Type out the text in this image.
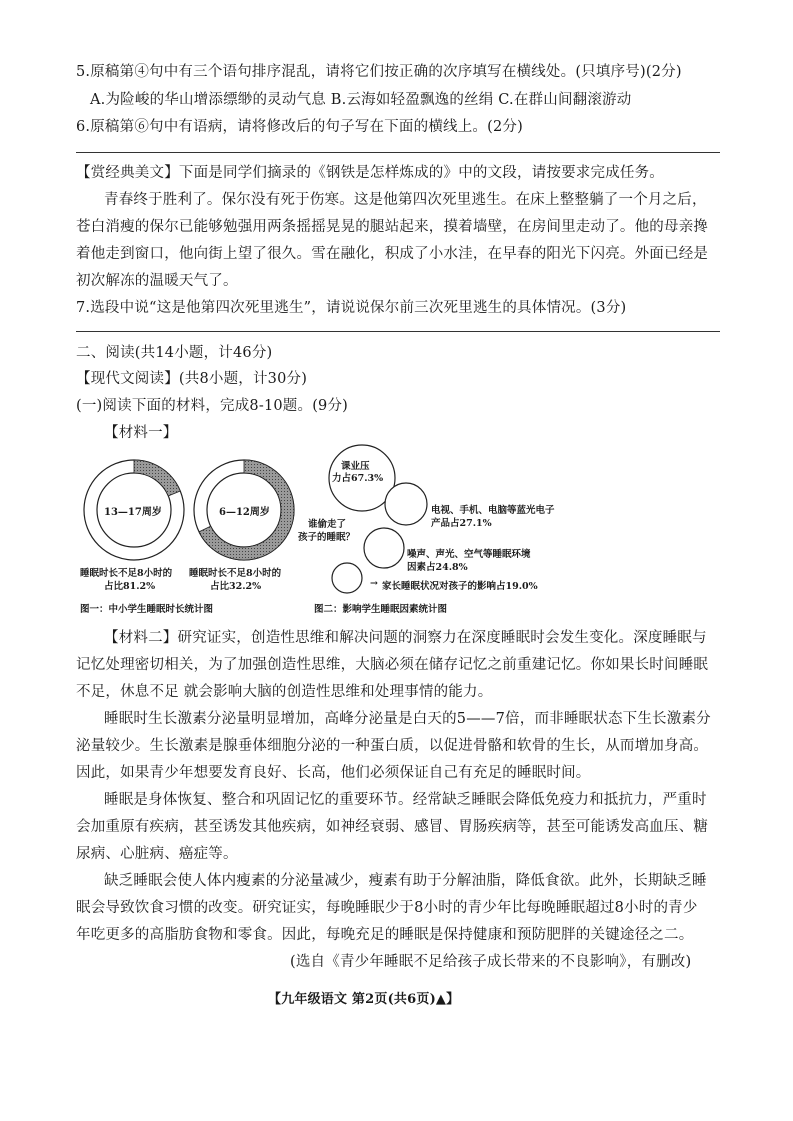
5.原稿第④句中有三个语句排序混乱，请将它们按正确的次序填写在横线处。(只填序号)(2分)
A.为险峻的华山增添缥缈的灵动气息 B.云海如轻盈飘逸的丝绢 C.在群山间翻滚游动
6.原稿第⑥句中有语病，请将修改后的句子写在下面的横线上。(2分)
【赏经典美文】下面是同学们摘录的《钢铁是怎样炼成的》中的文段，请按要求完成任务。
青春终于胜利了。保尔没有死于伤寒。这是他第四次死里逃生。在床上整整躺了一个月之后，
苍白消瘦的保尔已能够勉强用两条摇摇晃晃的腿站起来，摸着墙壁，在房间里走动了。他的母亲搀
着他走到窗口，他向街上望了很久。雪在融化，积成了小水洼，在早春的阳光下闪亮。外面已经是
初次解冻的温暖天气了。
7.选段中说“这是他第四次死里逃生”，请说说保尔前三次死里逃生的具体情况。(3分)
二、阅读(共14小题，计46分)
【现代文阅读】(共8小题，计30分)
(一)阅读下面的材料，完成8-10题。(9分)
【材料一】
13—17周岁	6—12周岁
睡眠时长不足8小时的
占比81.2%
睡眠时长不足8小时的
占比32.2%
图一：中小学生睡眠时长统计图
课业压
力占67.3%
谁偷走了
孩子的睡眠？
电视、手机、电脑等蓝光电子
产品占27.1%
噪声、声光、空气等睡眠环境
因素占24.8%
→ 家长睡眠状况对孩子的影响占19.0%
图二：影响学生睡眠因素统计图
【材料二】研究证实，创造性思维和解决问题的洞察力在深度睡眠时会发生变化。深度睡眠与
记忆处理密切相关，为了加强创造性思维，大脑必须在储存记忆之前重建记忆。你如果长时间睡眠
不足，休息不足 就会影响大脑的创造性思维和处理事情的能力。
睡眠时生长激素分泌量明显增加，高峰分泌量是白天的5——7倍，而非睡眠状态下生长激素分
泌量较少。生长激素是腺垂体细胞分泌的一种蛋白质，以促进骨骼和软骨的生长，从而增加身高。
因此，如果青少年想要发育良好、长高，他们必须保证自己有充足的睡眠时间。
睡眠是身体恢复、整合和巩固记忆的重要环节。经常缺乏睡眠会降低免疫力和抵抗力，严重时
会加重原有疾病，甚至诱发其他疾病，如神经衰弱、感冒、胃肠疾病等，甚至可能诱发高血压、糖
尿病、心脏病、癌症等。
缺乏睡眠会使人体内瘦素的分泌量减少，瘦素有助于分解油脂，降低食欲。此外，长期缺乏睡
眠会导致饮食习惯的改变。研究证实，每晚睡眠少于8小时的青少年比每晚睡眠超过8小时的青少
年吃更多的高脂肪食物和零食。因此，每晚充足的睡眠是保持健康和预防肥胖的关键途径之二。
(选自《青少年睡眠不足给孩子成长带来的不良影响》，有删改)
【九年级语文 第2页(共6页)▲】
